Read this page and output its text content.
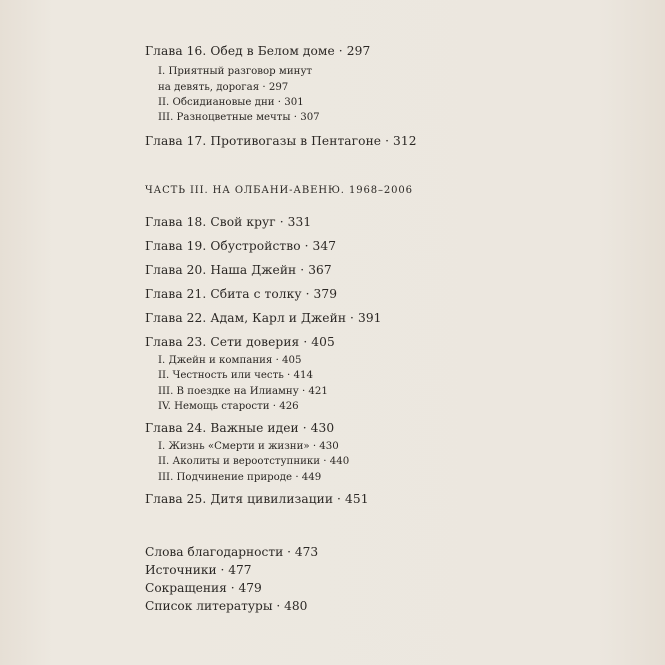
Глава 16. Обед в Белом доме · 297
I. Приятный разговор минут
на девять, дорогая · 297
II. Обсидиановые дни · 301
III. Разноцветные мечты · 307
Глава 17. Противогазы в Пентагоне · 312
ЧАСТЬ III. НА ОЛБАНИ-АВЕНЮ. 1968–2006
Глава 18. Свой круг · 331
Глава 19. Обустройство · 347
Глава 20. Наша Джейн · 367
Глава 21. Сбита с толку · 379
Глава 22. Адам, Карл и Джейн · 391
Глава 23. Сети доверия · 405
I. Джейн и компания · 405
II. Честность или честь · 414
III. В поездке на Илиамну · 421
IV. Немощь старости · 426
Глава 24. Важные идеи · 430
I. Жизнь «Смерти и жизни» · 430
II. Аколиты и вероотступники · 440
III. Подчинение природе · 449
Глава 25. Дитя цивилизации · 451
Слова благодарности · 473
Источники · 477
Сокращения · 479
Список литературы · 480
